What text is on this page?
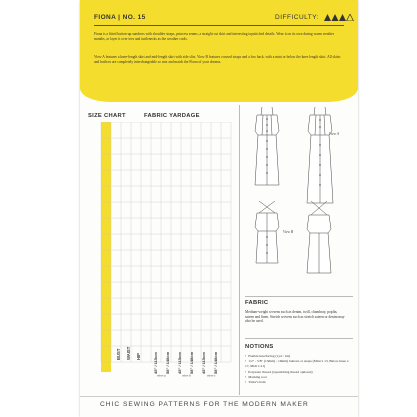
FIONA | NO. 15	DIFFICULTY:

Fiona is a fitted button-up sundress with shoulder straps, princess seams, a straight cut skirt and interesting topstitched details. Wear it on its own during warm weather months, or layer it over tees and turtlenecks as the weather cools.

View A features a knee-length skirt and mid-length skirt with side slits. View B features crossed straps and a low back, with a mini or below the knee length skirt. All skirts and bodices are completely interchangeable so mix and match the Fiona of your dreams.

SIZE CHART	FABRIC YARDAGE
BUST WAIST HIP	45" / 115cm 58" / 148cm 45" / 115cm 58" / 148cm 45" / 115cm 58" / 148cm
view a	view b	view c
View A
View B
FABRIC

Medium-weight wovens such as denim, twill, chambray, poplin, sateen and linen. Stretch wovens such as stretch sateen or denim may also be used.

NOTIONS
• Fusible interfacing (1yd / 1m)
• 1/2" - 5/8" (13mm) - 16mm) buttons or snaps (Mini x 13, Below knee x 17, Midi x 21)
• Polyester thread (topstitching thread optional)
• Marking tool
• Tailor's ham
CHIC SEWING PATTERNS FOR THE MODERN MAKER
